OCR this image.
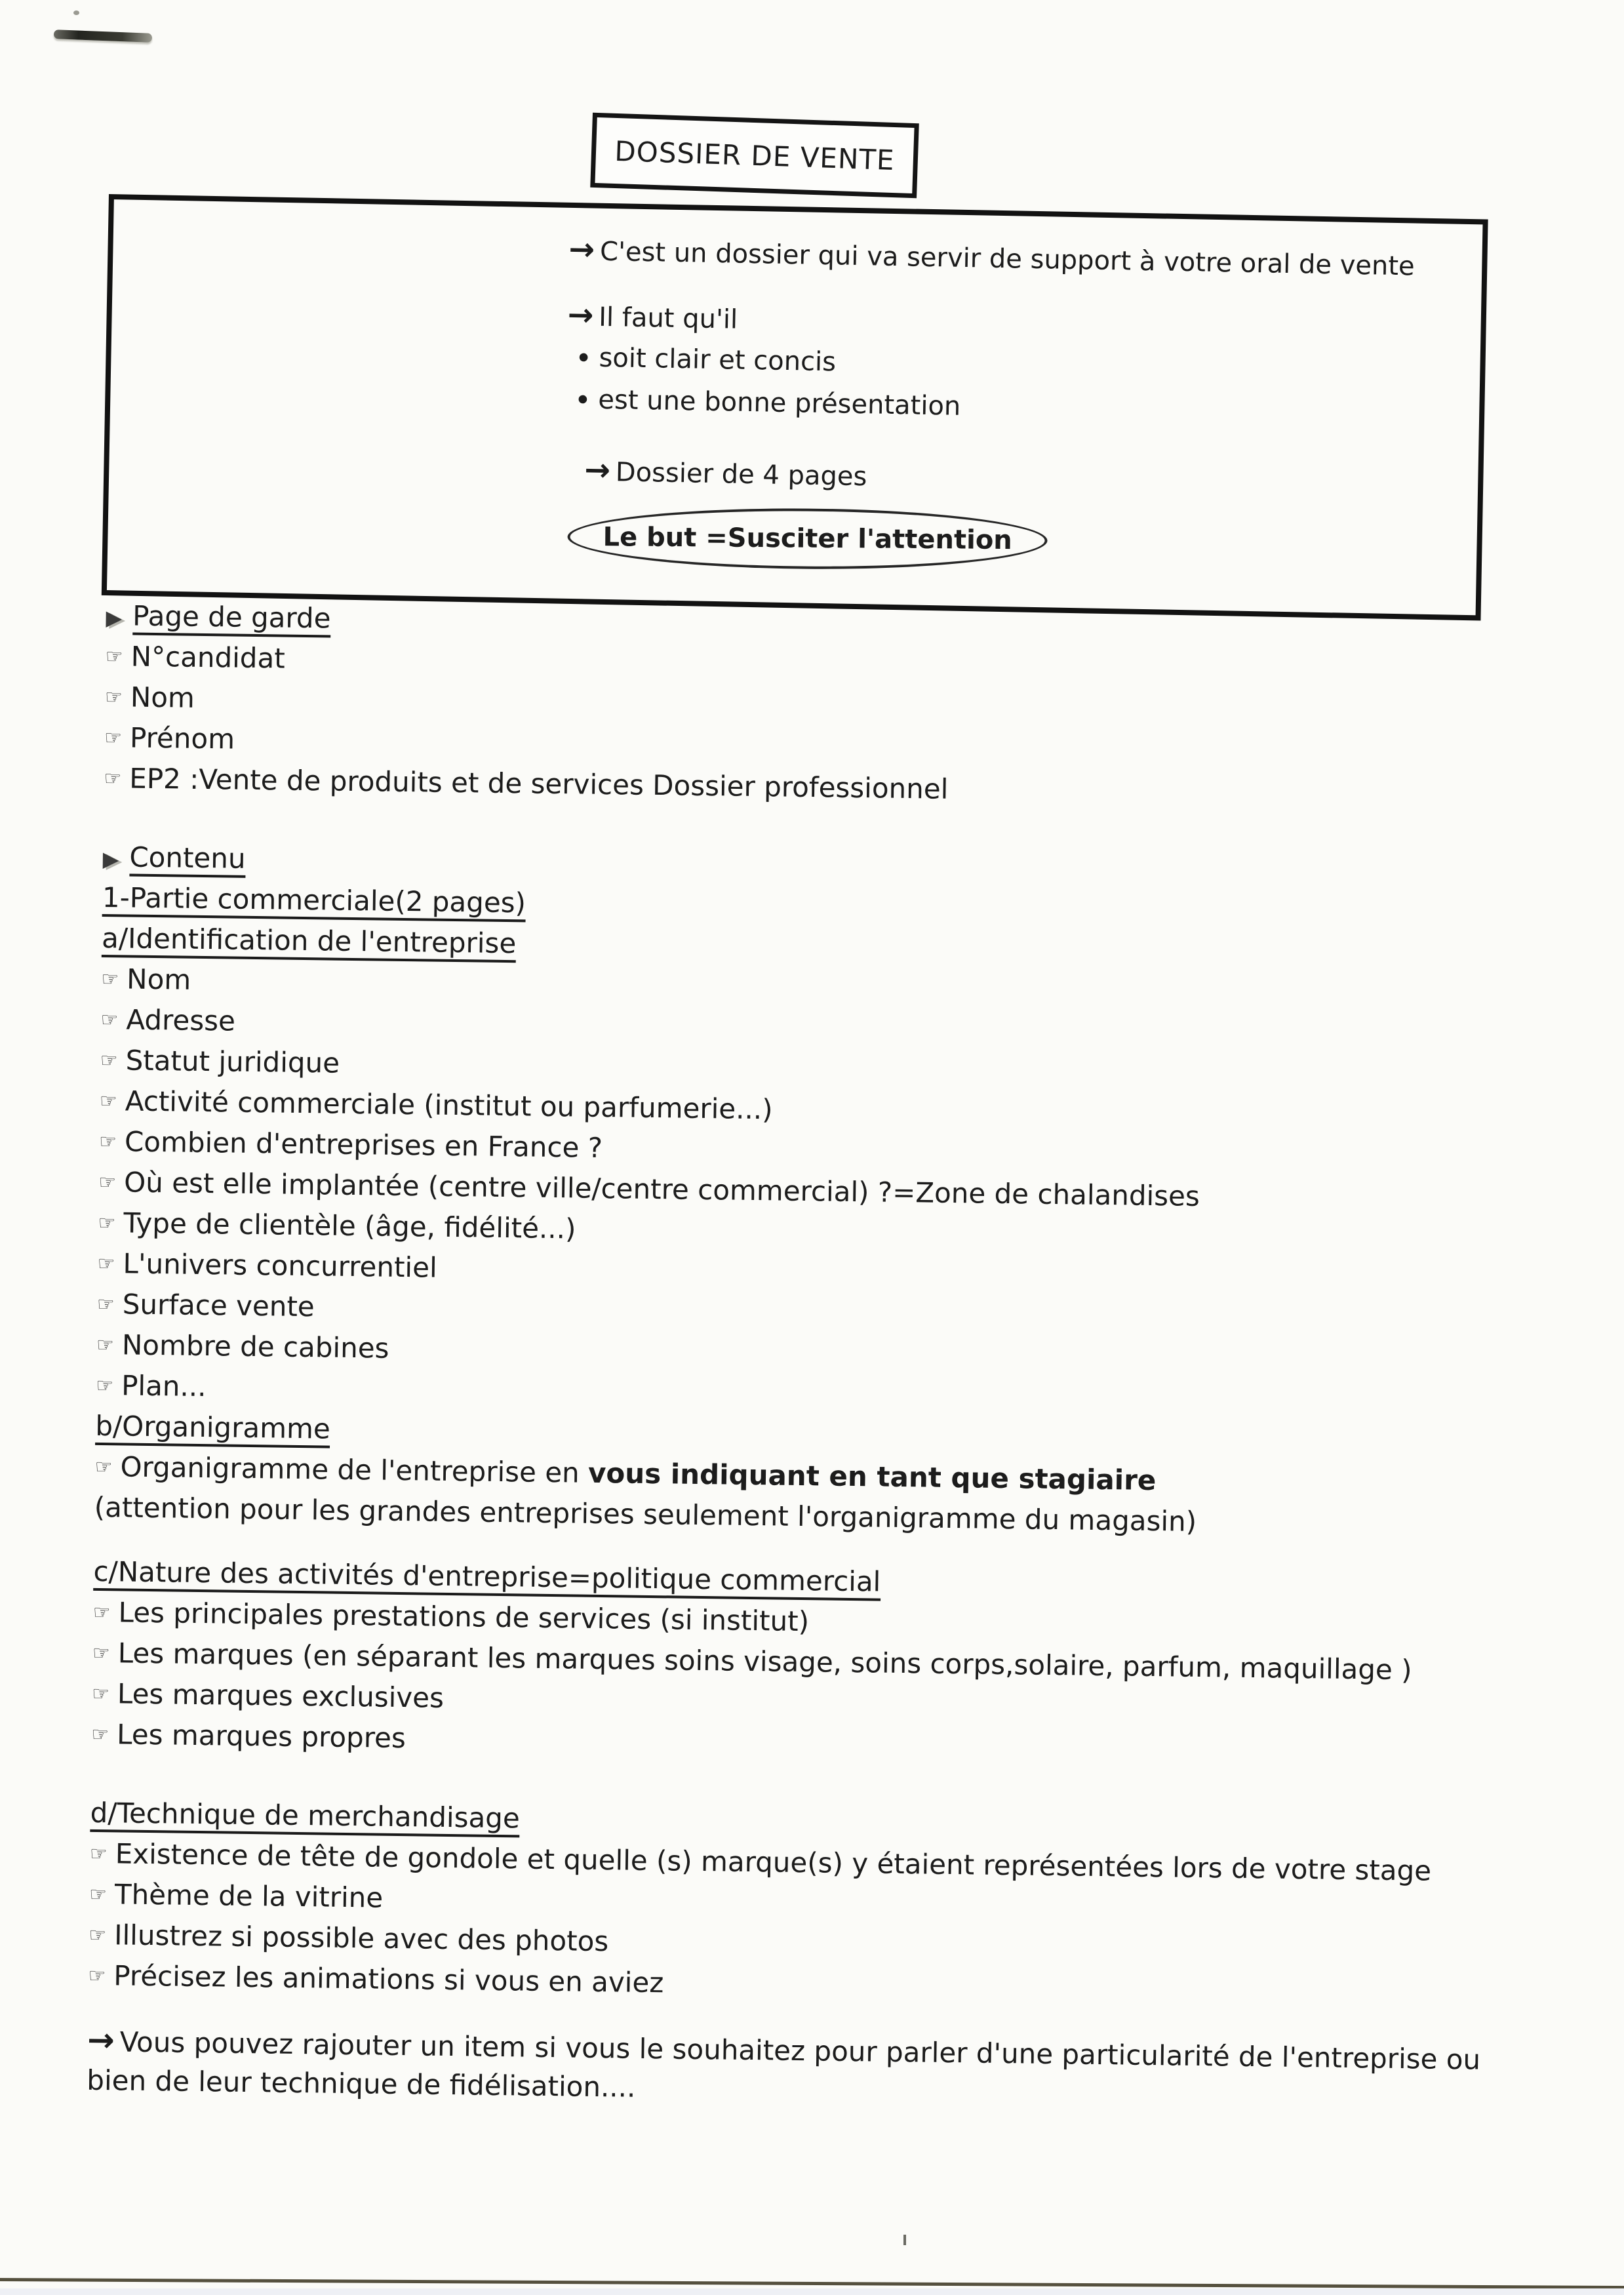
DOSSIER DE VENTE
→ C'est un dossier qui va servir de support à votre oral de vente
→ Il faut qu'il
• soit clair et concis
• est une bonne présentation
→ Dossier de 4 pages
Le but =Susciter l'attention
▶ Page de garde
☞ N°candidat
☞ Nom
☞ Prénom
☞ EP2 :Vente de produits et de services Dossier professionnel
▶ Contenu
1-Partie commerciale(2 pages)
a/Identification de l'entreprise
☞ Nom
☞ Adresse
☞ Statut juridique
☞ Activité commerciale (institut ou parfumerie...)
☞ Combien d'entreprises en France ?
☞ Où est elle implantée (centre ville/centre commercial) ?=Zone de chalandises
☞ Type de clientèle (âge, fidélité...)
☞ L'univers concurrentiel
☞ Surface vente
☞ Nombre de cabines
☞ Plan...
b/Organigramme
☞ Organigramme de l'entreprise en vous indiquant en tant que stagiaire
(attention pour les grandes entreprises seulement l'organigramme du magasin)
c/Nature des activités d'entreprise=politique commercial
☞ Les principales prestations de services (si institut)
☞ Les marques (en séparant les marques soins visage, soins corps,solaire, parfum, maquillage )
☞ Les marques exclusives
☞ Les marques propres
d/Technique de merchandisage
☞ Existence de tête de gondole et quelle (s) marque(s) y étaient représentées lors de votre stage
☞ Thème de la vitrine
☞ Illustrez si possible avec des photos
☞ Précisez les animations si vous en aviez
→ Vous pouvez rajouter un item si vous le souhaitez pour parler d'une particularité de l'entreprise ou
bien de leur technique de fidélisation....
